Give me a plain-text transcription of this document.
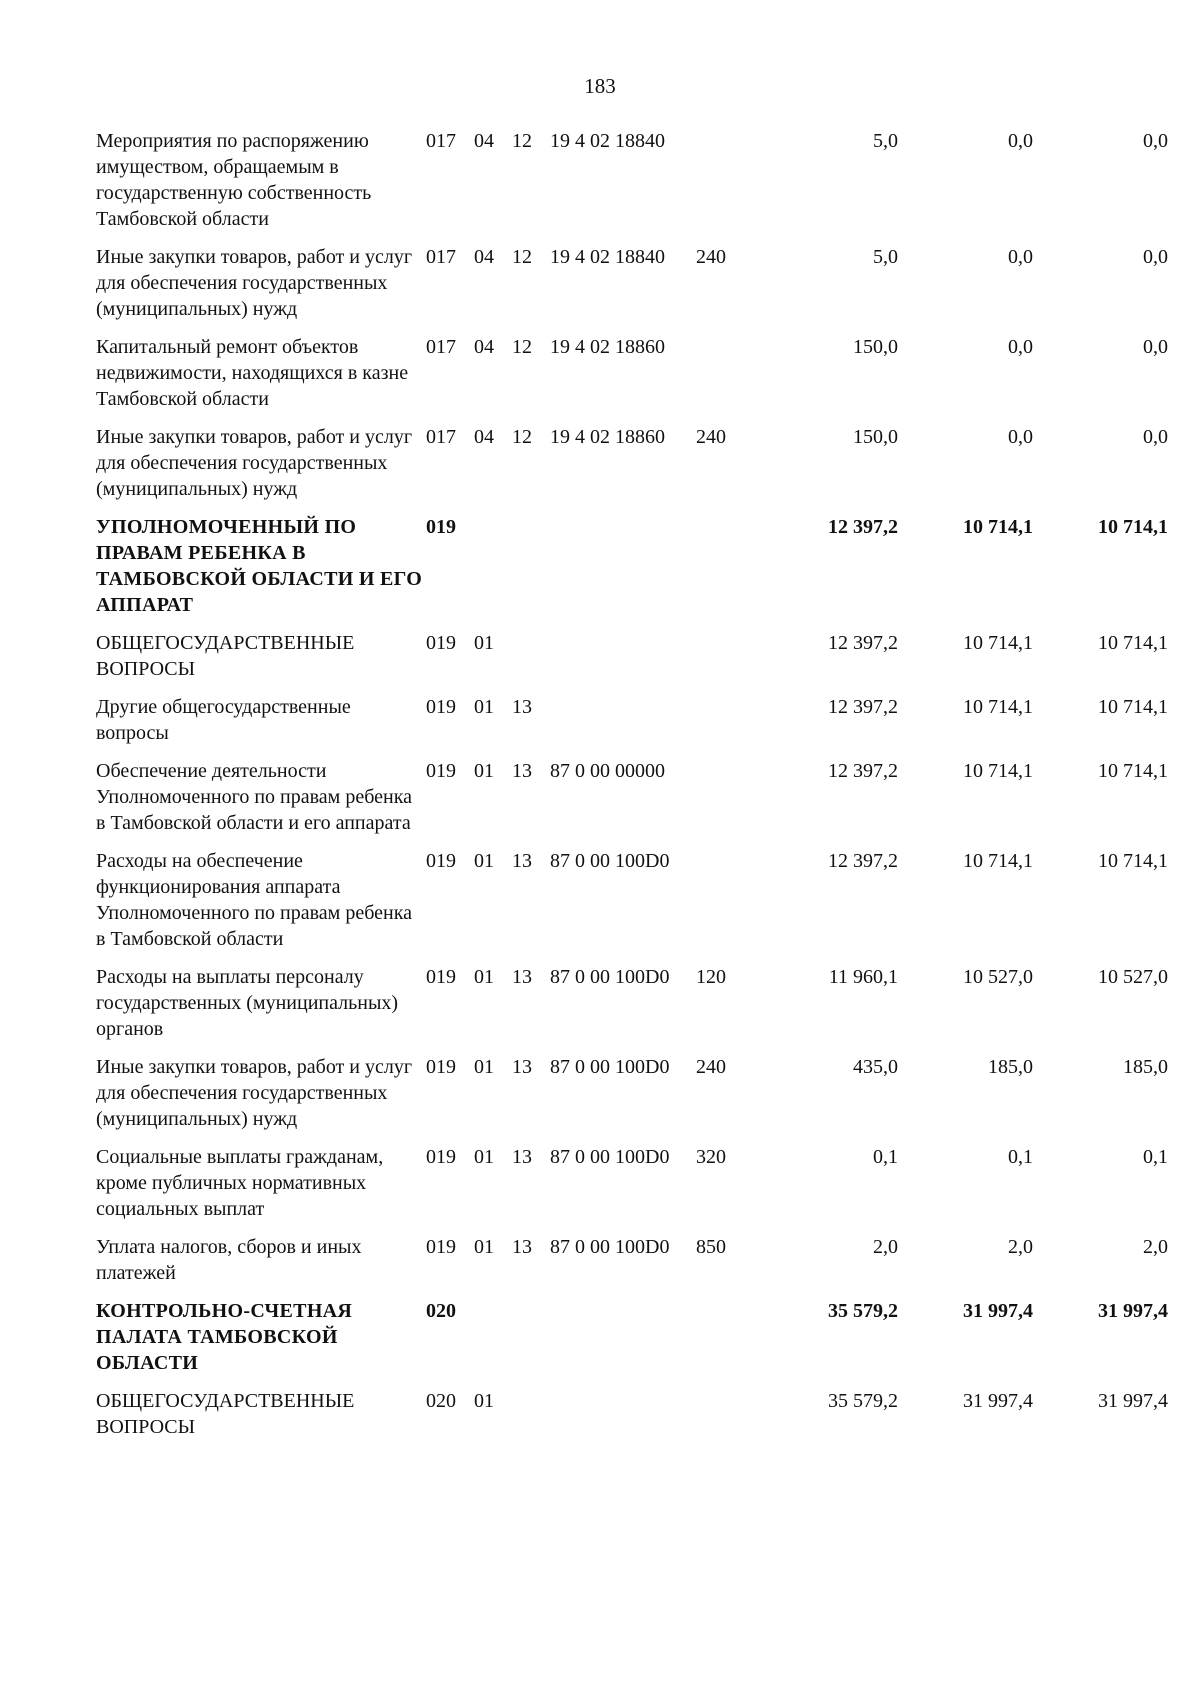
183
Мероприятия по распоряжению имуществом, обращаемым в государственную собственность Тамбовской области	017	04	12	19 4 02 18840		5,0	0,0	0,0
Иные закупки товаров, работ и услуг для обеспечения государственных (муниципальных) нужд	017	04	12	19 4 02 18840	240	5,0	0,0	0,0
Капитальный ремонт объектов недвижимости, находящихся в казне Тамбовской области	017	04	12	19 4 02 18860		150,0	0,0	0,0
Иные закупки товаров, работ и услуг для обеспечения государственных (муниципальных) нужд	017	04	12	19 4 02 18860	240	150,0	0,0	0,0
УПОЛНОМОЧЕННЫЙ ПО ПРАВАМ РЕБЕНКА В ТАМБОВСКОЙ ОБЛАСТИ И ЕГО АППАРАТ	019					12 397,2	10 714,1	10 714,1
ОБЩЕГОСУДАРСТВЕННЫЕ ВОПРОСЫ	019	01				12 397,2	10 714,1	10 714,1
Другие общегосударственные вопросы	019	01	13			12 397,2	10 714,1	10 714,1
Обеспечение деятельности Уполномоченного по правам ребенка в Тамбовской области и его аппарата	019	01	13	87 0 00 00000		12 397,2	10 714,1	10 714,1
Расходы на обеспечение функционирования аппарата Уполномоченного по правам ребенка в Тамбовской области	019	01	13	87 0 00 100D0		12 397,2	10 714,1	10 714,1
Расходы на выплаты персоналу государственных (муниципальных) органов	019	01	13	87 0 00 100D0	120	11 960,1	10 527,0	10 527,0
Иные закупки товаров, работ и услуг для обеспечения государственных (муниципальных) нужд	019	01	13	87 0 00 100D0	240	435,0	185,0	185,0
Социальные выплаты гражданам, кроме публичных нормативных социальных выплат	019	01	13	87 0 00 100D0	320	0,1	0,1	0,1
Уплата налогов, сборов и иных платежей	019	01	13	87 0 00 100D0	850	2,0	2,0	2,0
КОНТРОЛЬНО-СЧЕТНАЯ ПАЛАТА ТАМБОВСКОЙ ОБЛАСТИ	020					35 579,2	31 997,4	31 997,4
ОБЩЕГОСУДАРСТВЕННЫЕ ВОПРОСЫ	020	01				35 579,2	31 997,4	31 997,4
